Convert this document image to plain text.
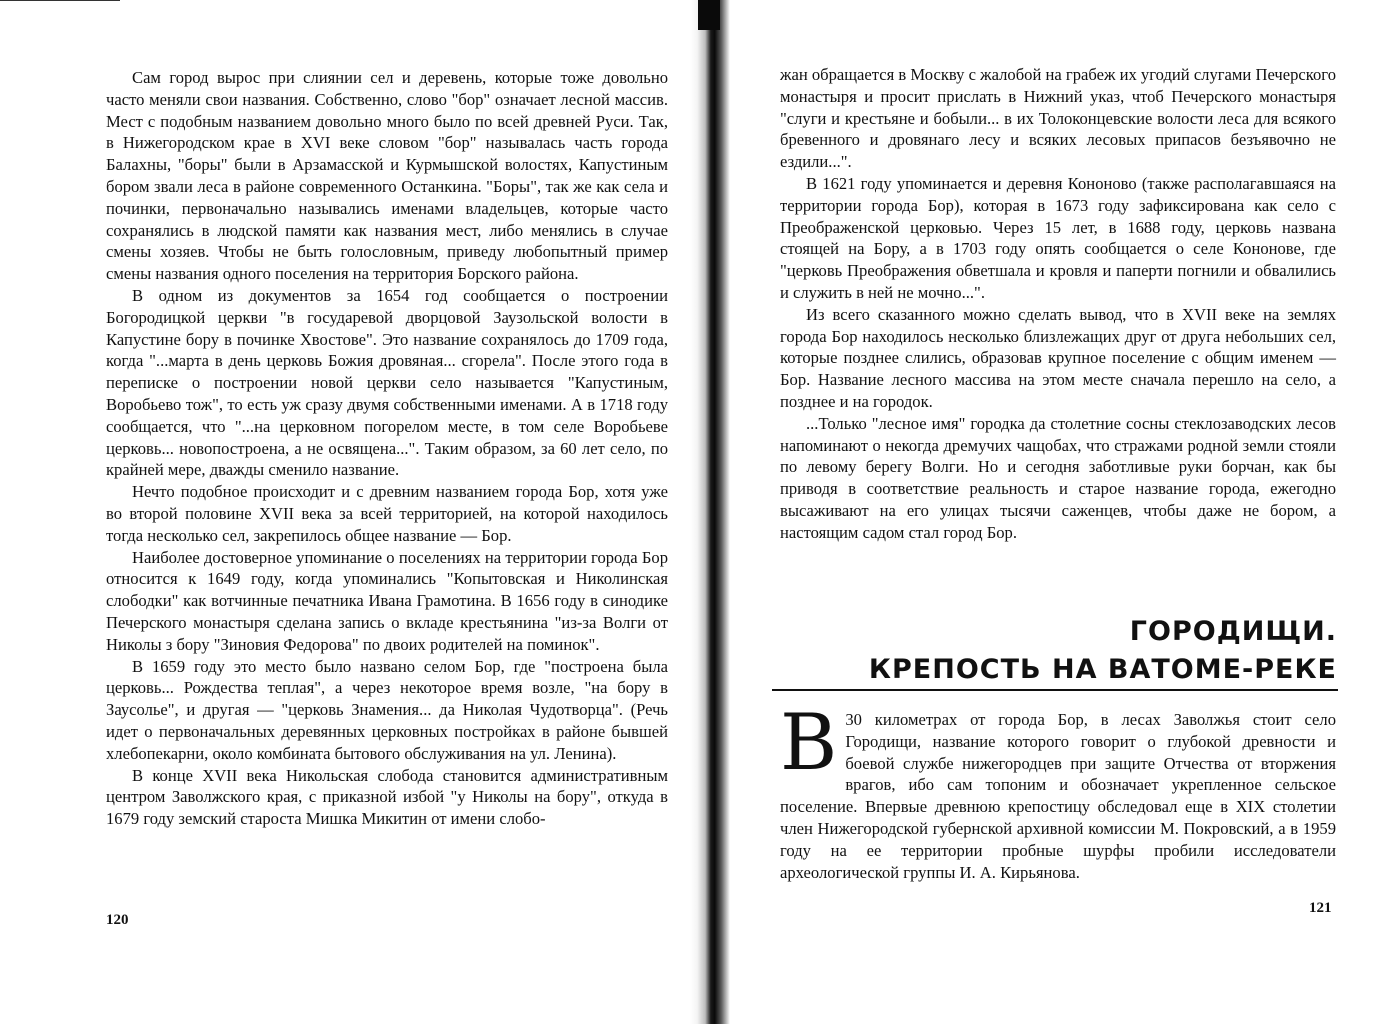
Сам город вырос при слиянии сел и деревень, которые тоже довольно часто меняли свои названия. Собственно, слово "бор" означает лесной массив. Мест с подобным названием довольно много было по всей древней Руси. Так, в Нижегородском крае в XVI веке словом "бор" называлась часть города Балахны, "боры" были в Арзамасской и Курмышской волостях, Капустиным бором звали леса в районе современного Останкина. "Боры", так же как села и починки, первоначально назывались именами владельцев, которые часто сохранялись в людской памяти как названия мест, либо менялись в случае смены хозяев. Чтобы не быть голословным, приведу любопытный пример смены названия одного поселения на территория Борского района.

В одном из документов за 1654 год сообщается о построении Богородицкой церкви "в государевой дворцовой Заузольской волости в Капустине бору в починке Хвостове". Это название сохранялось до 1709 года, когда "...марта в день церковь Божия дровяная... сгорела". После этого года в переписке о построении новой церкви село называется "Капустиным, Воробьево тож", то есть уж сразу двумя собственными именами. А в 1718 году сообщается, что "...на церковном погорелом месте, в том селе Воробьеве церковь... новопостроена, а не освящена...". Таким образом, за 60 лет село, по крайней мере, дважды сменило название.

Нечто подобное происходит и с древним названием города Бор, хотя уже во второй половине XVII века за всей территорией, на которой находилось тогда несколько сел, закрепилось общее название — Бор.

Наиболее достоверное упоминание о поселениях на территории города Бор относится к 1649 году, когда упоминались "Копытовская и Николинская слободки" как вотчинные печатника Ивана Грамотина. В 1656 году в синодике Печерского монастыря сделана запись о вкладе крестьянина "из-за Волги от Николы з бору "Зиновия Федорова" по двоих родителей на поминок".

В 1659 году это место было названо селом Бор, где "построена была церковь... Рождества теплая", а через некоторое время возле, "на бору в Заусолье", и другая — "церковь Знамения... да Николая Чудотворца". (Речь идет о первоначальных деревянных церковных постройках в районе бывшей хлебопекарни, около комбината бытового обслуживания на ул. Ленина).

В конце XVII века Никольская слобода становится административным центром Заволжского края, с приказной избой "у Николы на бору", откуда в 1679 году земский староста Мишка Микитин от имени слобо-

120

жан обращается в Москву с жалобой на грабеж их угодий слугами Печерского монастыря и просит прислать в Нижний указ, чтоб Печерского монастыря "слуги и крестьяне и бобыли... в их Толоконцевские волости леса для всякого бревенного и дровянаго лесу и всяких лесовых припасов безъявочно не ездили...".

В 1621 году упоминается и деревня Кононово (также располагавшаяся на территории города Бор), которая в 1673 году зафиксирована как село с Преображенской церковью. Через 15 лет, в 1688 году, церковь названа стоящей на Бору, а в 1703 году опять сообщается о селе Кононове, где "церковь Преображения обветшала и кровля и паперти погнили и обвалились и служить в ней не мочно...".

Из всего сказанного можно сделать вывод, что в XVII веке на землях города Бор находилось несколько близлежащих друг от друга небольших сел, которые позднее слились, образовав крупное поселение с общим именем — Бор. Название лесного массива на этом месте сначала перешло на село, а позднее и на городок.

...Только "лесное имя" городка да столетние сосны стеклозаводских лесов напоминают о некогда дремучих чащобах, что стражами родной земли стояли по левому берегу Волги. Но и сегодня заботливые руки борчан, как бы приводя в соответствие реальность и старое название города, ежегодно высаживают на его улицах тысячи саженцев, чтобы даже не бором, а настоящим садом стал город Бор.

ГОРОДИЩИ.
КРЕПОСТЬ НА ВАТОМЕ-РЕКЕ

В 30 километрах от города Бор, в лесах Заволжья стоит село Городищи, название которого говорит о глубокой древности и боевой службе нижегородцев при защите Отчества от вторжения врагов, ибо сам топоним и обозначает укрепленное сельское поселение. Впервые древнюю крепостицу обследовал еще в XIX столетии член Нижегородской губернской архивной комиссии М. Покровский, а в 1959 году на ее территории пробные шурфы пробили исследователи археологической группы И. А. Кирьянова.

121
